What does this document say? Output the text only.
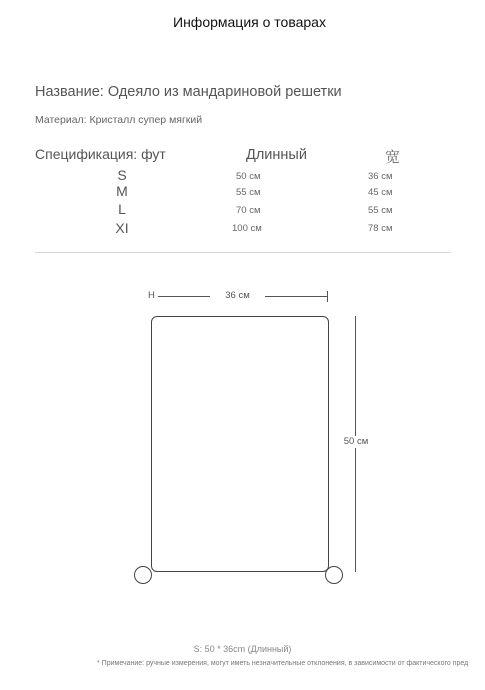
Информация о товаpax
Название: Одеяло из мандариновой решетки
Материал: Кристалл супер мягкий
Спецификация: фут	Длинный	宽
S	50 см	36 см
M	55 см	45 см
L	70 см	55 см
XI	100 см	78 см
H	36 см
50 см
S: 50 * 36cm (Длинный)
* Примечание: ручные измерения, могут иметь незначительные отклонения, в зависимости от фактического пред
